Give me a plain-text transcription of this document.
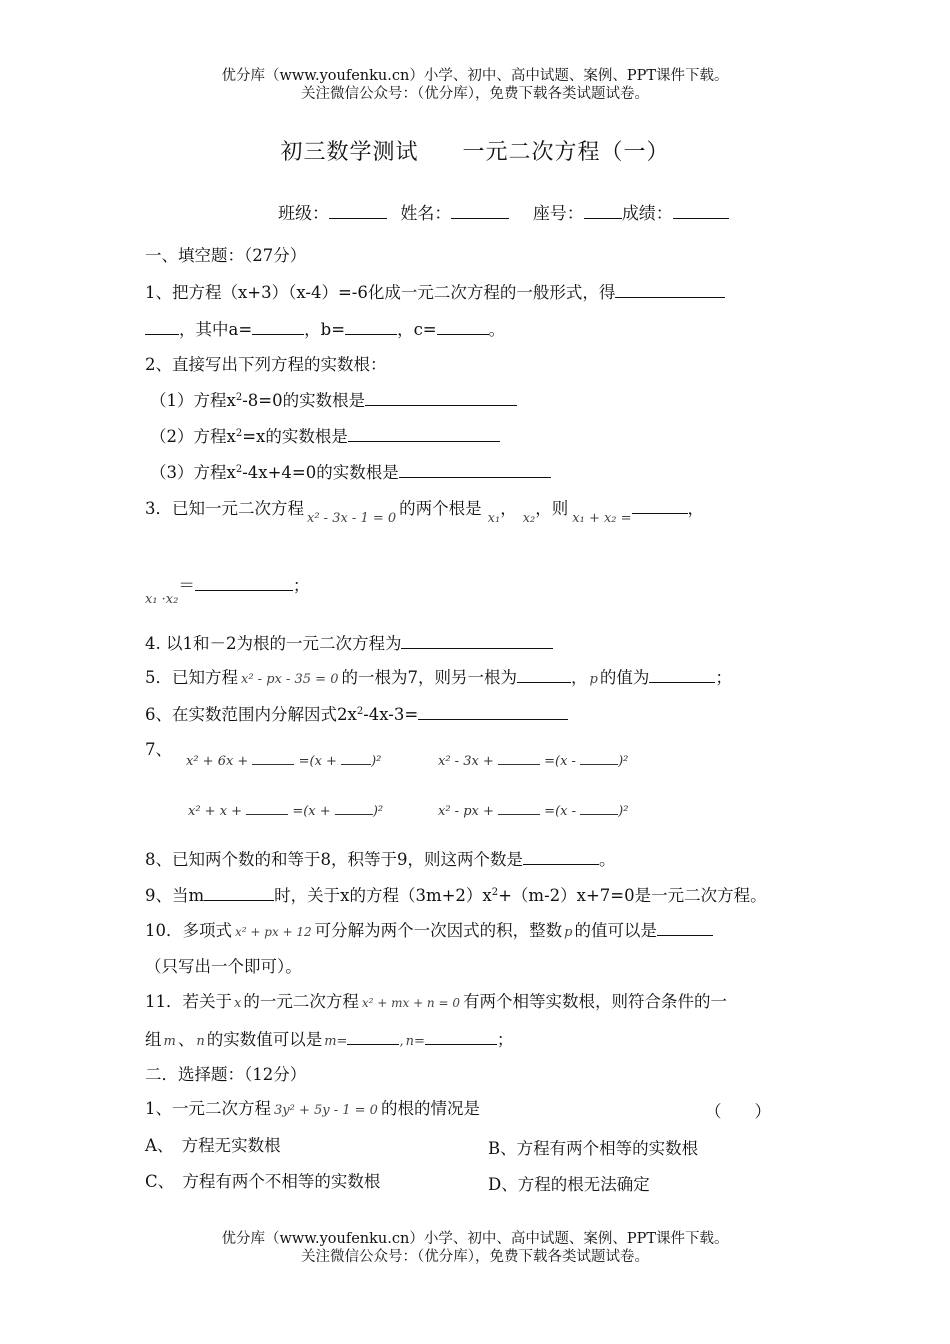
优分库（www.youfenku.cn）小学、初中、高中试题、案例、PPT课件下载。
关注微信公众号：（优分库），免费下载各类试题试卷。
初三数学测试 一元二次方程（一）
班级：	姓名：	座号： 成绩：
一、填空题：（27分）
1、把方程（x+3）（x-4）=-6化成一元二次方程的一般形式，得
，其中a=	，b=	，c=	。
2、直接写出下列方程的实数根：
（1）方程$x^2-8=0$的实数根是
（2）方程$x^2=x$的实数根是
（3）方程$x^2-4x+4=0$的实数根是
3．已知一元二次方程$_{x^2 - 3x - 1 = 0}$的两个根是$_{x_1}$，$_{x_2}$，则$_{x_1 + x_2 =}$，
$_{x_1 \cdot x_2}$＝	；
4. 以1和－2为根的一元二次方程为
5．已知方程 x² - px - 35 = 0 的一根为7，则另一根为	， p 的值为	；
6、在实数范围内分解因式$2x^2-4x-3=$
7、
x² + 6x +	=(x +	)²	x² - 3x +	=(x -	)²
x² + x +	=(x +	)²	x² - px +	=(x -	)²
8、已知两个数的和等于8，积等于9，则这两个数是	。
9、当m	时，关于x的方程$(3m+2)x^2+(m-2)x+7=0$是一元二次方程。
10．多项式 x² + px + 12 可分解为两个一次因式的积，整数 p 的值可以是
（只写出一个即可）。
11．若关于 x 的一元二次方程 x² + mx + n = 0 有两个相等实数根，则符合条件的一
组 m 、 n 的实数值可以是 m=	, n=	；
二．选择题：（12分）
1、一元二次方程 3y² + 5y - 1 = 0 的根的情况是	（　　）
A、　方程无实数根	B、方程有两个相等的实数根
C、　方程有两个不相等的实数根	D、方程的根无法确定
优分库（www.youfenku.cn）小学、初中、高中试题、案例、PPT课件下载。
关注微信公众号：（优分库），免费下载各类试题试卷。
